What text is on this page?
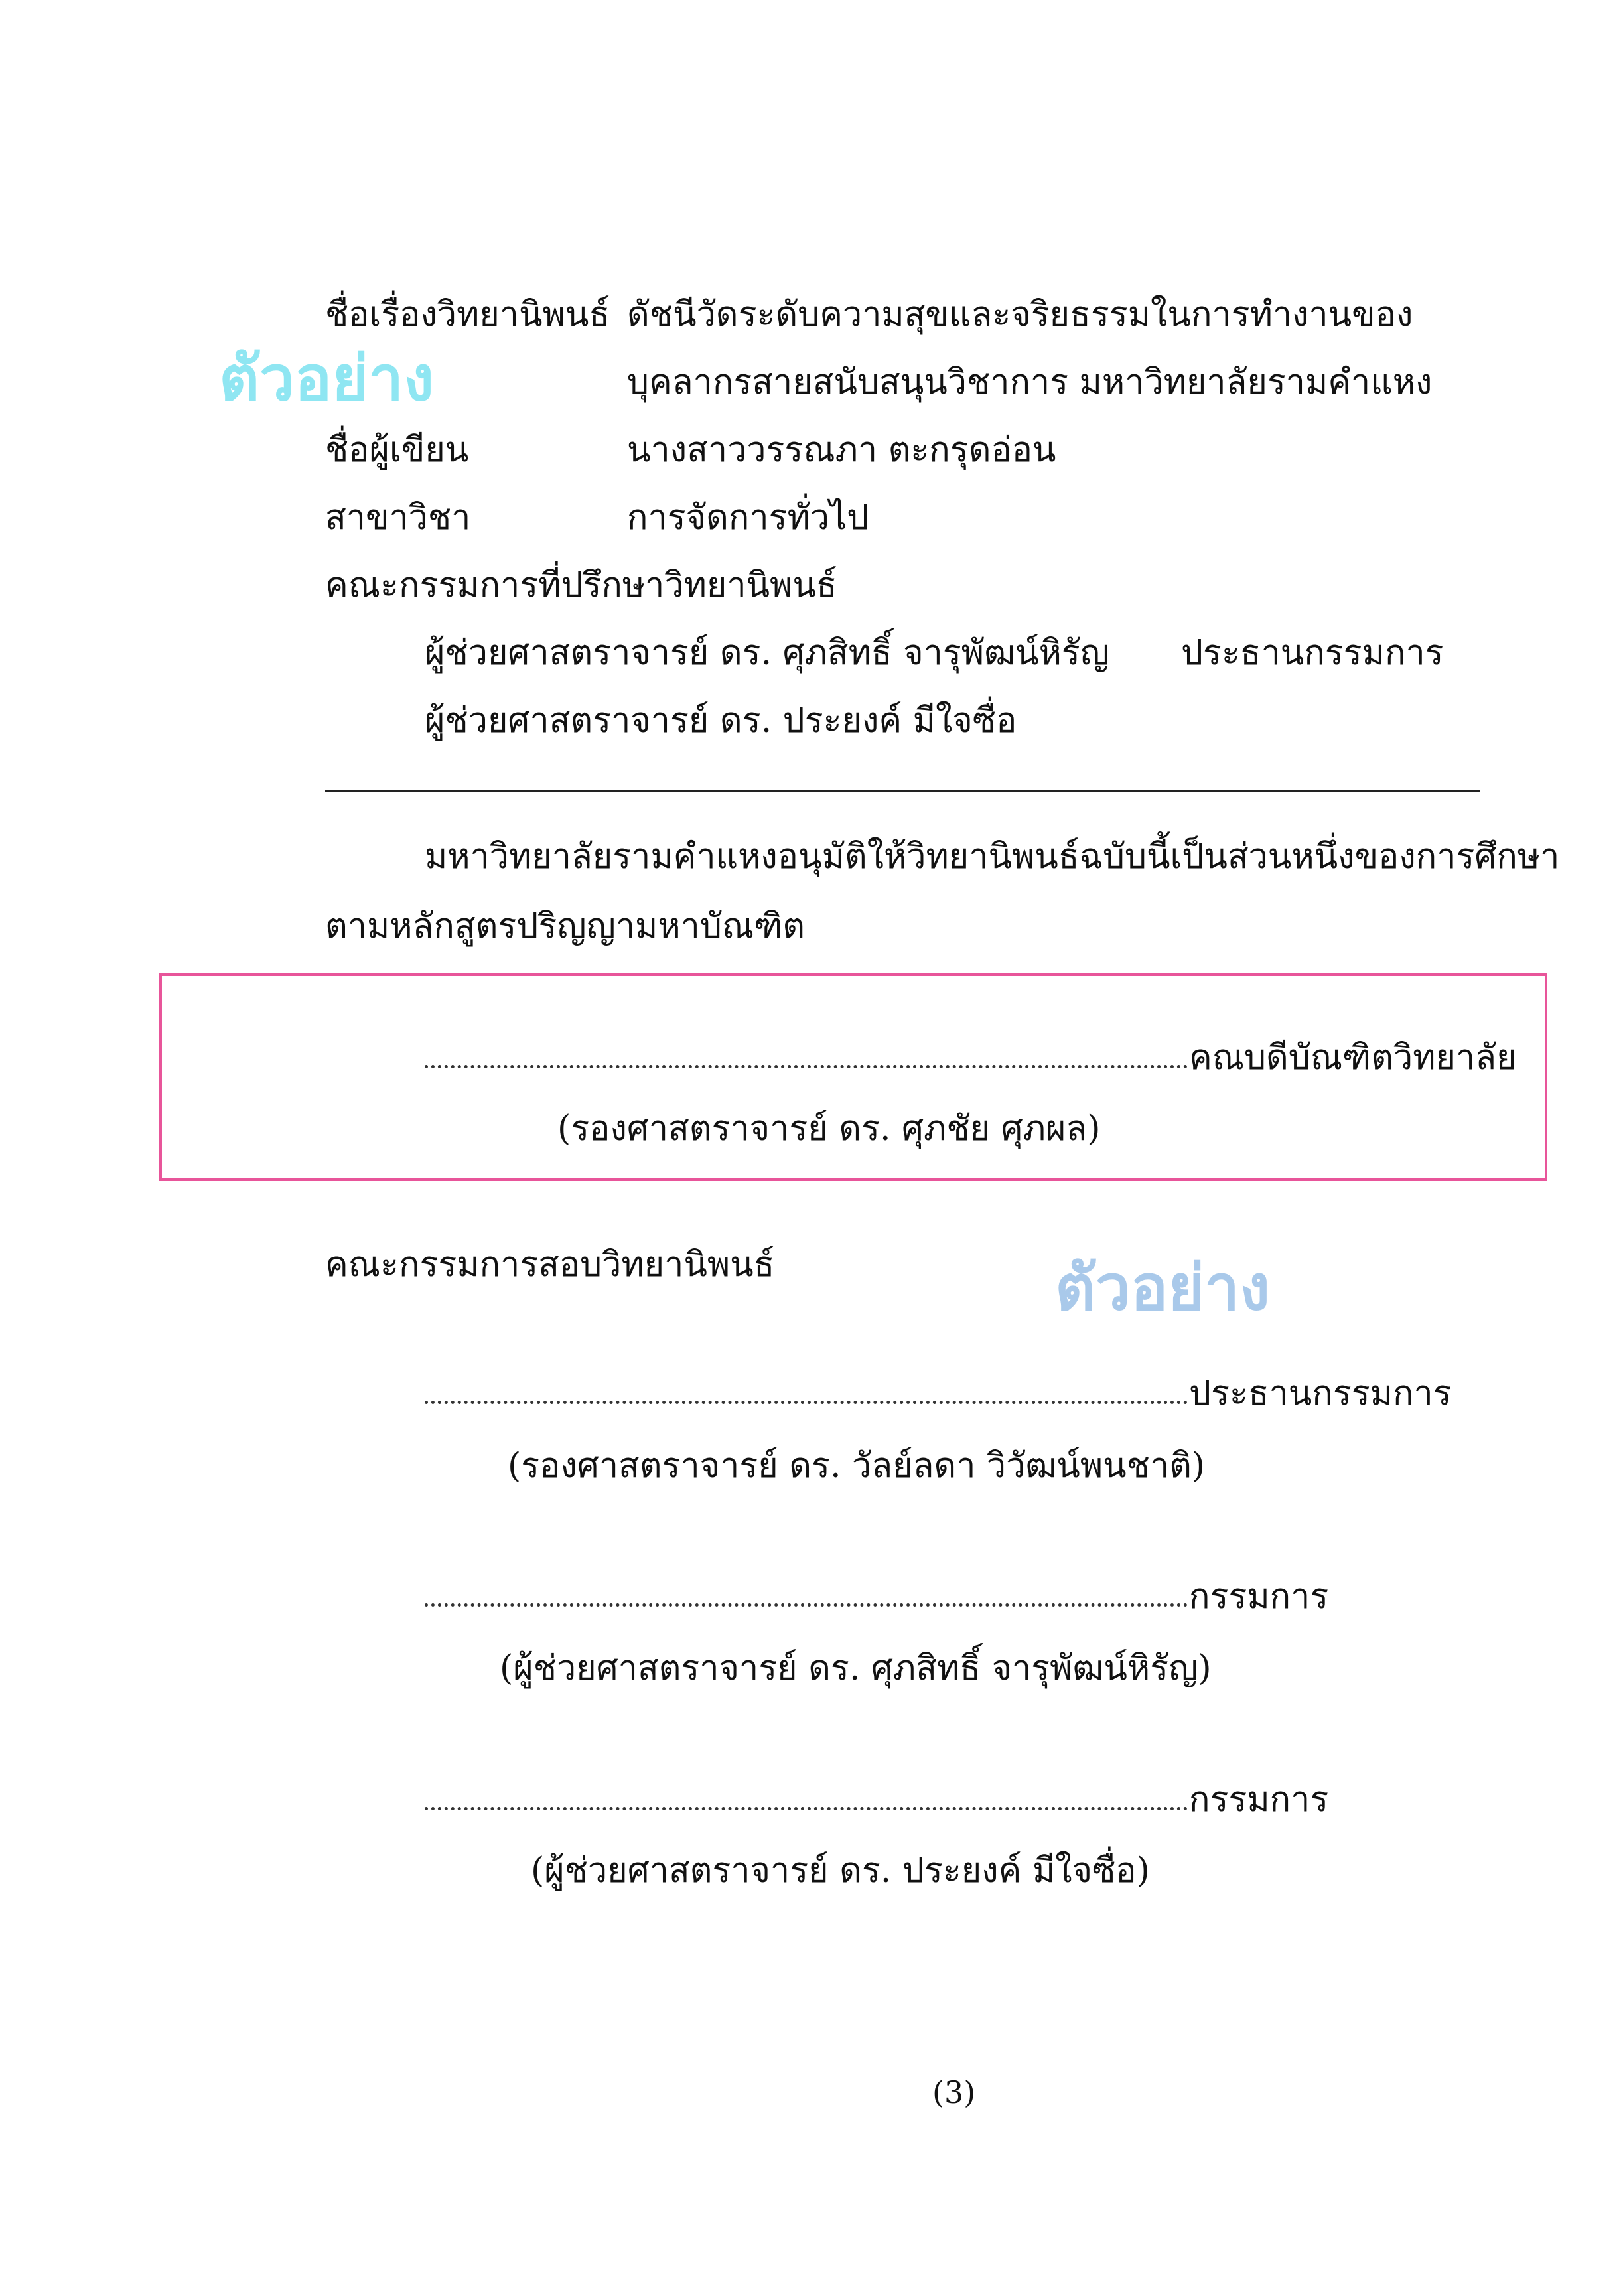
ตัวอย่าง
ตัวอย่าง
ชื่อเรื่องวิทยานิพนธ์ ดัชนีวัดระดับความสุขและจริยธรรมในการทำงานของ
บุคลากรสายสนับสนุนวิชาการ มหาวิทยาลัยรามคำแหง
ชื่อผู้เขียน	นางสาววรรณภา ตะกรุดอ่อน
สาขาวิชา	การจัดการทั่วไป
คณะกรรมการที่ปรึกษาวิทยานิพนธ์
ผู้ช่วยศาสตราจารย์ ดร. ศุภสิทธิ์ จารุพัฒน์หิรัญ ประธานกรรมการ
ผู้ช่วยศาสตราจารย์ ดร. ประยงค์ มีใจซื่อ
มหาวิทยาลัยรามคำแหงอนุมัติให้วิทยานิพนธ์ฉบับนี้เป็นส่วนหนึ่งของการศึกษา
ตามหลักสูตรปริญญามหาบัณฑิต
คณบดีบัณฑิตวิทยาลัย
(รองศาสตราจารย์ ดร. ศุภชัย ศุภผล)
คณะกรรมการสอบวิทยานิพนธ์
ประธานกรรมการ
(รองศาสตราจารย์ ดร. วัลย์ลดา วิวัฒน์พนชาติ)
กรรมการ
(ผู้ช่วยศาสตราจารย์ ดร. ศุภสิทธิ์ จารุพัฒน์หิรัญ)
กรรมการ
(ผู้ช่วยศาสตราจารย์ ดร. ประยงค์ มีใจซื่อ)
(3)
